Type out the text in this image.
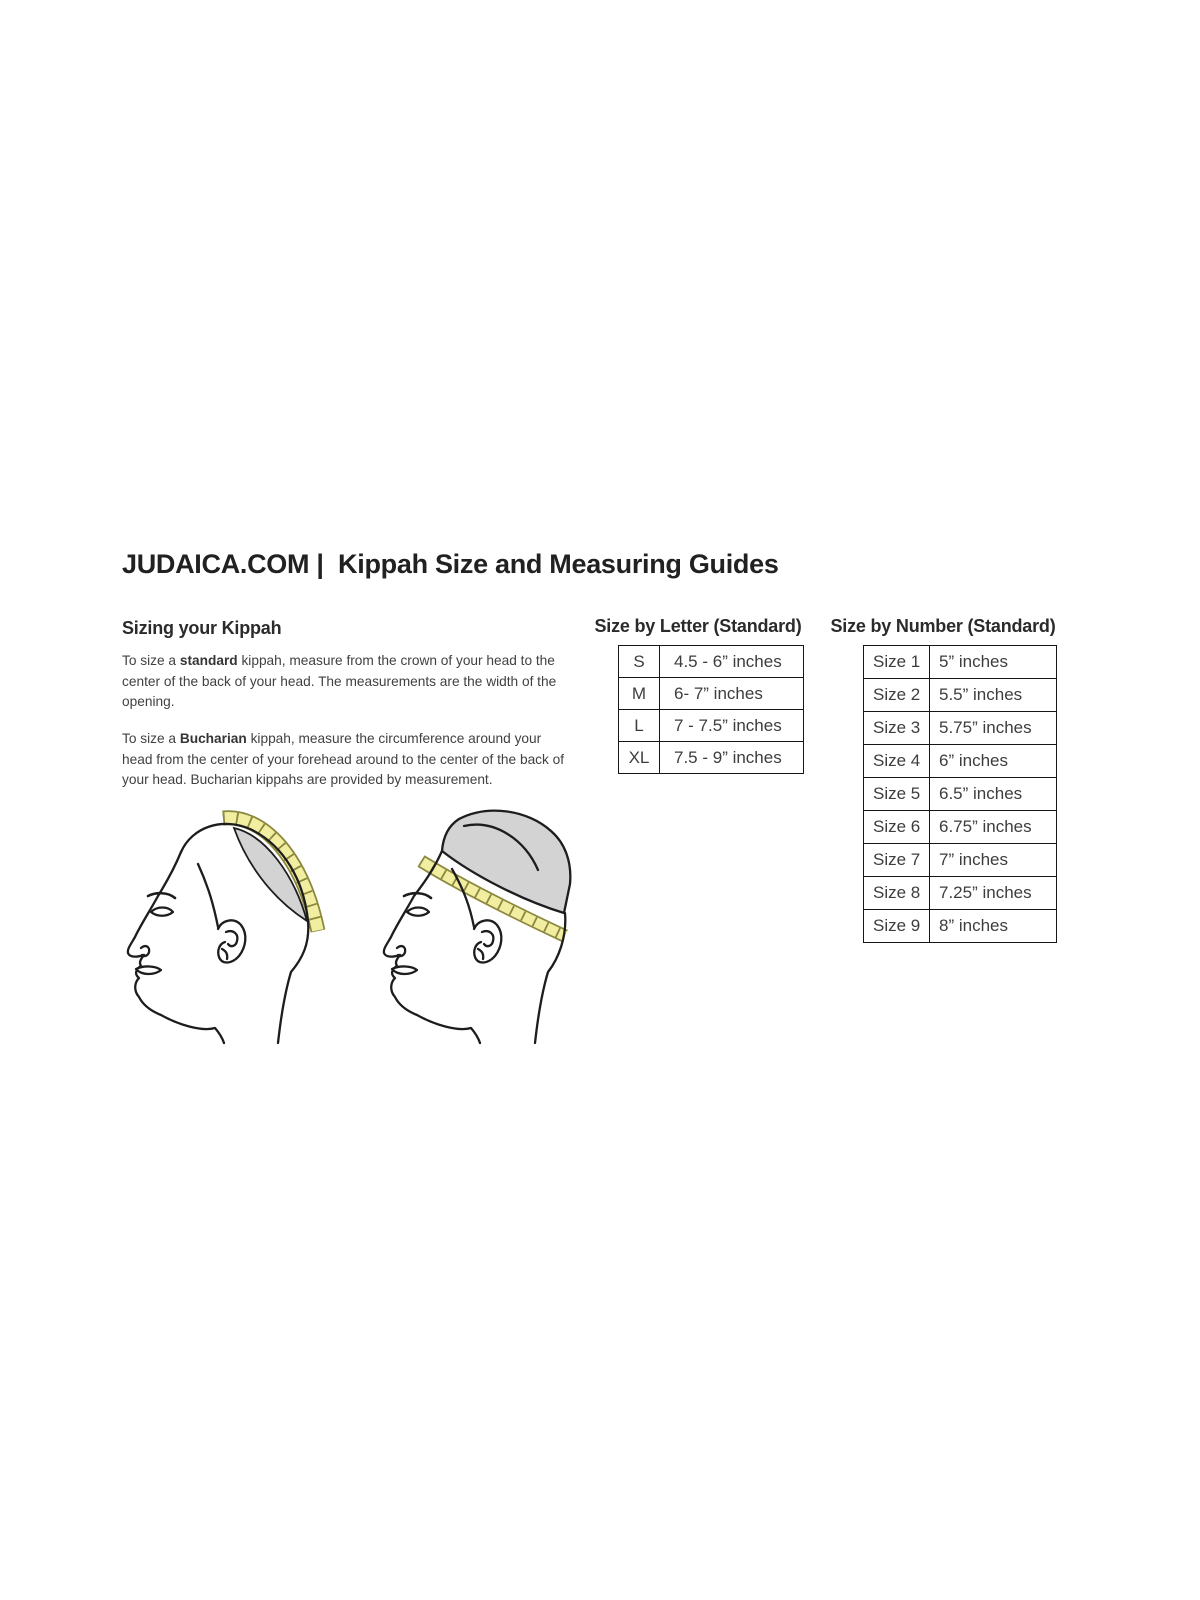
JUDAICA.COM |  Kippah Size and Measuring Guides
Sizing your Kippah

To size a standard kippah, measure from the crown of your head to the center of the back of your head. The measurements are the width of the opening.

To size a Bucharian kippah, measure the circumference around your head from the center of your forehead around to the center of the back of your head. Bucharian kippahs are provided by measurement.

Size by Letter (Standard)
S	4.5 - 6” inches
M	6- 7” inches
L	7 - 7.5” inches
XL	7.5 - 9” inches
Size by Number (Standard)
Size 1	5” inches
Size 2	5.5” inches
Size 3	5.75” inches
Size 4	6” inches
Size 5	6.5” inches
Size 6	6.75” inches
Size 7	7” inches
Size 8	7.25” inches
Size 9	8” inches
